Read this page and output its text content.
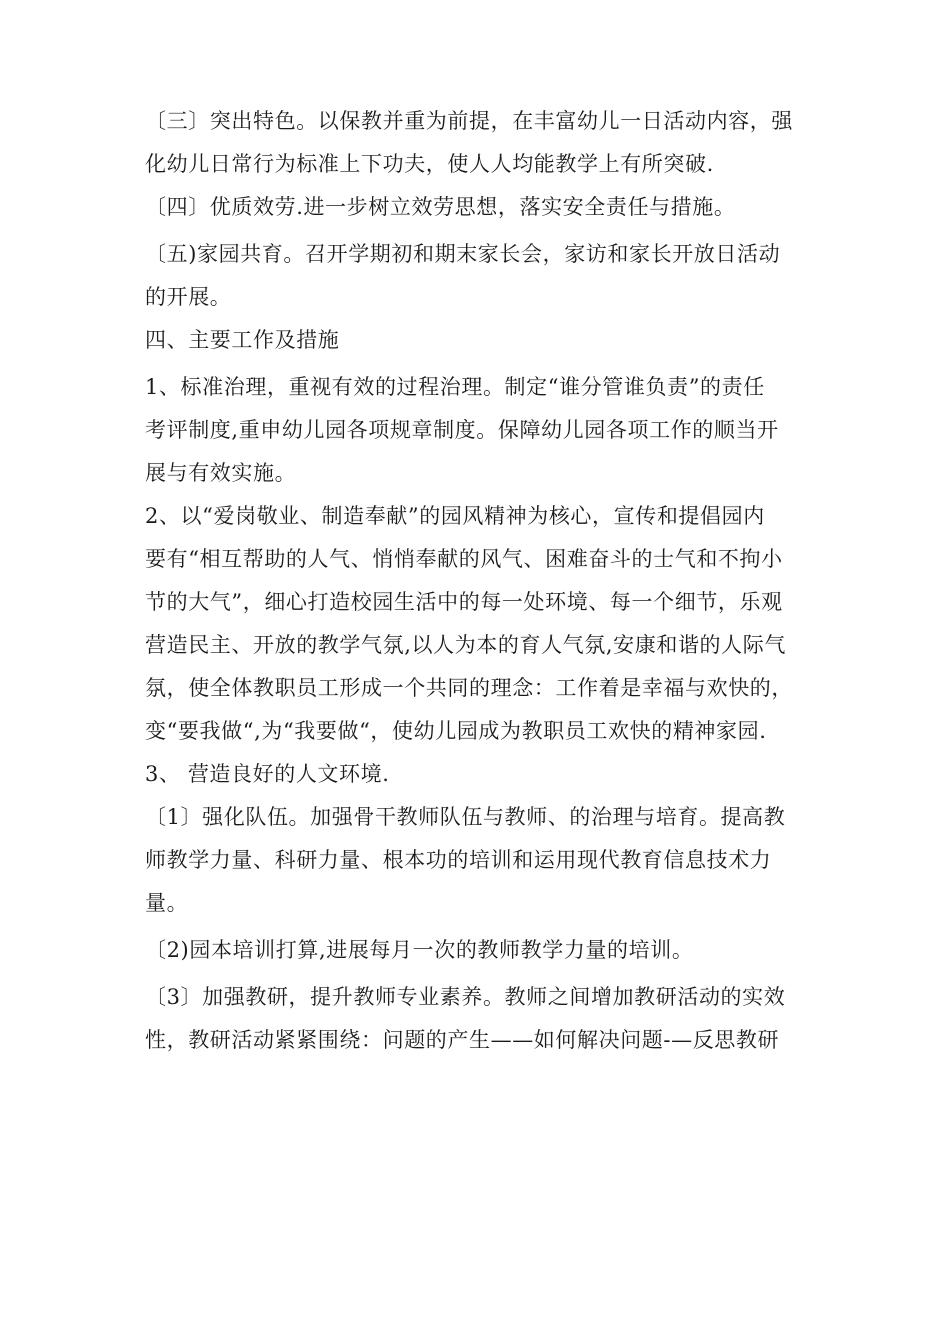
〔三〕突出特色。以保教并重为前提，在丰富幼儿一日活动内容，强
化幼儿日常行为标准上下功夫，使人人均能教学上有所突破.
〔四〕优质效劳.进一步树立效劳思想，落实安全责任与措施。
〔五)家园共育。召开学期初和期末家长会，家访和家长开放日活动
的开展。
四、主要工作及措施
1、标准治理，重视有效的过程治理。制定“谁分管谁负责”的责任
考评制度,重申幼儿园各项规章制度。保障幼儿园各项工作的顺当开
展与有效实施。
2、以“爱岗敬业、制造奉献”的园风精神为核心，宣传和提倡园内
要有“相互帮助的人气、悄悄奉献的风气、困难奋斗的士气和不拘小
节的大气”，细心打造校园生活中的每一处环境、每一个细节，乐观
营造民主、开放的教学气氛,以人为本的育人气氛,安康和谐的人际气
氛，使全体教职员工形成一个共同的理念：工作着是幸福与欢快的，
变“要我做“,为“我要做“，使幼儿园成为教职员工欢快的精神家园.
3、 营造良好的人文环境.
〔1〕强化队伍。加强骨干教师队伍与教师、的治理与培育。提高教
师教学力量、科研力量、根本功的培训和运用现代教育信息技术力
量。
〔2)园本培训打算,进展每月一次的教师教学力量的培训。
〔3〕加强教研，提升教师专业素养。教师之间增加教研活动的实效
性，教研活动紧紧围绕：问题的产生——如何解决问题-—反思教研
